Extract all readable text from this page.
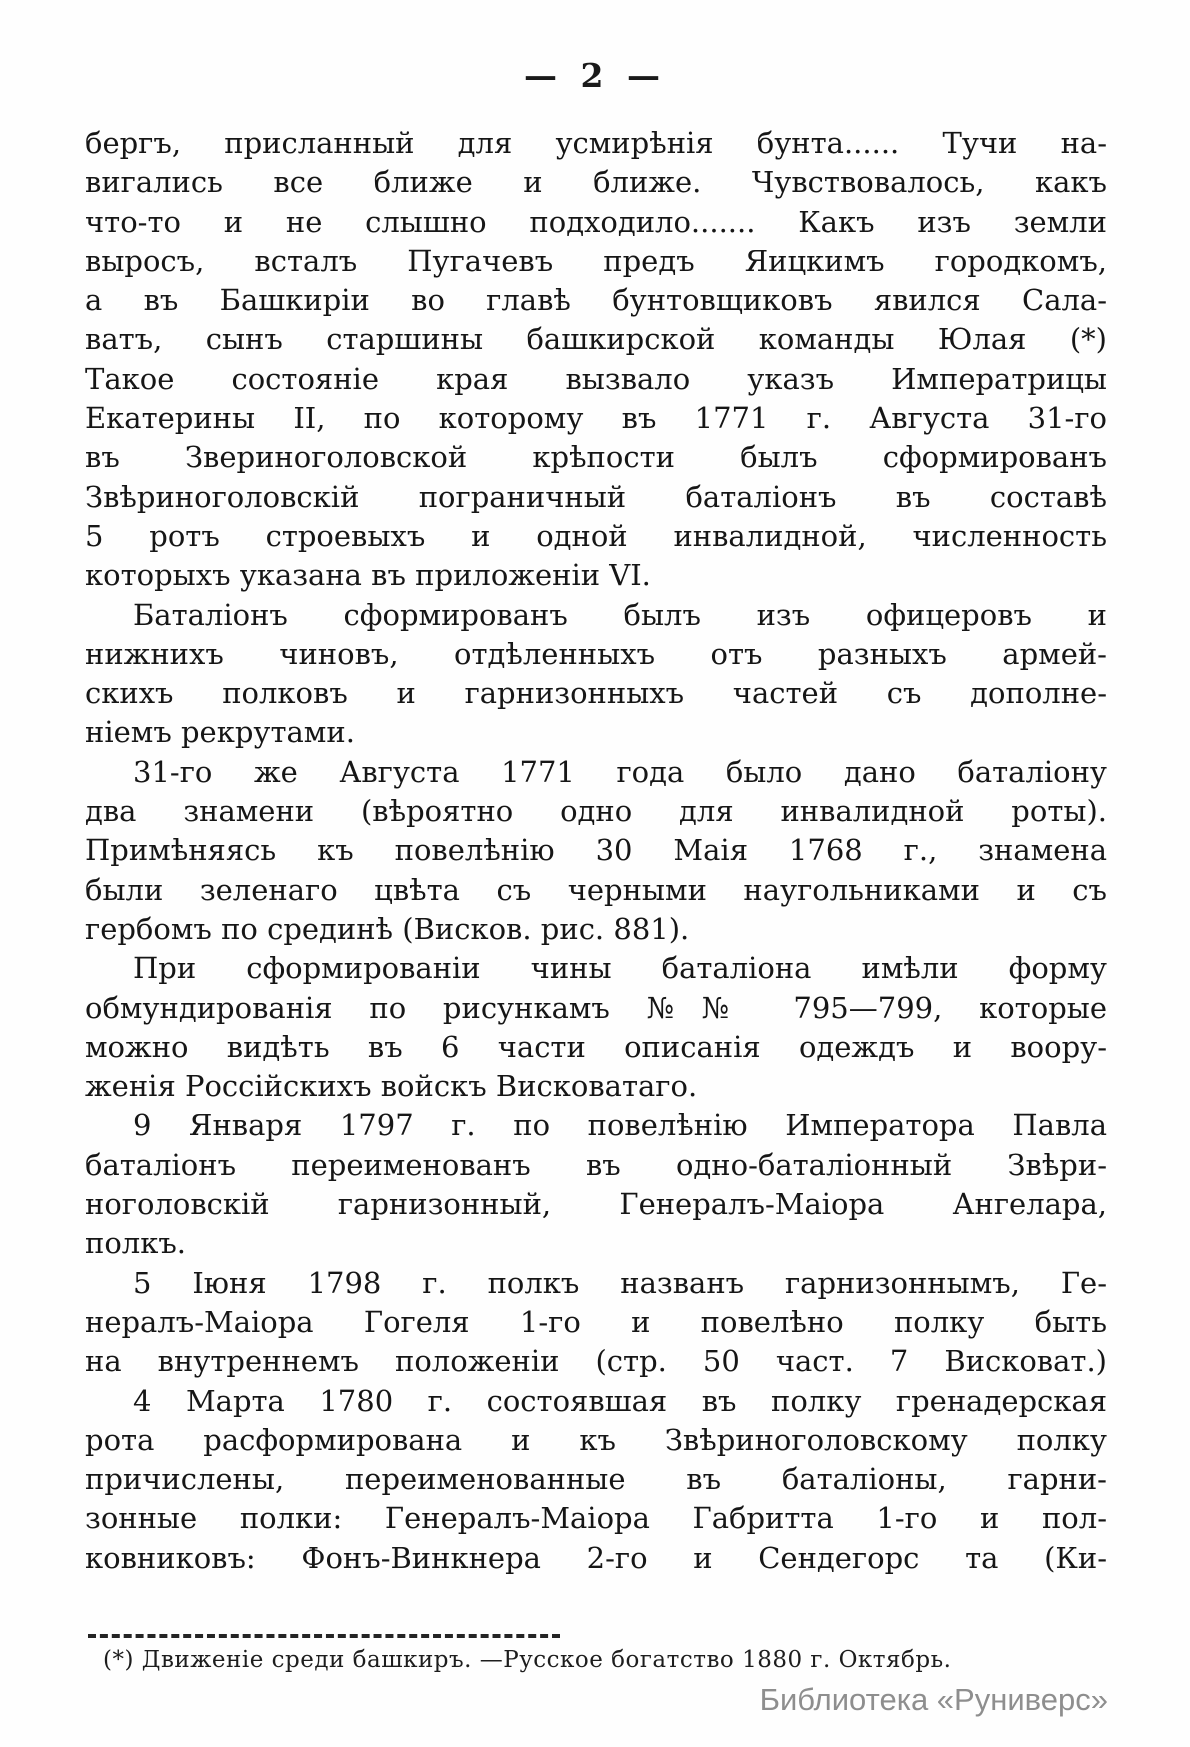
— 2 —
бергъ, присланный для усмирѣнія бунта...... Тучи на-
вигались все ближе и ближе. Чувствовалось, какъ
что-то и не слышно подходило....... Какъ изъ земли
выросъ, всталъ Пугачевъ предъ Яицкимъ городкомъ,
а въ Башкиріи во главѣ бунтовщиковъ явился Сала-
ватъ, сынъ старшины башкирской команды Юлая (*)
Такое состояніе края вызвало указъ Императрицы
Екатерины II, по которому въ 1771 г. Августа 31-го
въ Звериноголовской крѣпости былъ сформированъ
Звѣриноголовскій пограничный баталіонъ въ составѣ
5 ротъ строевыхъ и одной инвалидной, численность
которыхъ указана въ приложеніи VI.
Баталіонъ сформированъ былъ изъ офицеровъ и
нижнихъ чиновъ, отдѣленныхъ отъ разныхъ армей-
скихъ полковъ и гарнизонныхъ частей съ дополне-
ніемъ рекрутами.
31-го же Августа 1771 года было дано баталіону
два знамени (вѣроятно одно для инвалидной роты).
Примѣняясь къ повелѣнію 30 Маія 1768 г., знамена
были зеленаго цвѣта съ черными наугольниками и съ
гербомъ по срединѣ (Висков. рис. 881).
При сформированіи чины баталіона имѣли форму
обмундированія по рисункамъ №№ 795—799, которые
можно видѣть въ 6 части описанія одеждъ и воору-
женія Россійскихъ войскъ Висковатаго.
9 Января 1797 г. по повелѣнію Императора Павла
баталіонъ переименованъ въ одно-баталіонный Звѣри-
ноголовскій гарнизонный, Генералъ-Маіора Ангелара,
полкъ.
5 Іюня 1798 г. полкъ названъ гарнизоннымъ, Ге-
нералъ-Маіора Гогеля 1-го и повелѣно полку быть
на внутреннемъ положеніи (стр. 50 част. 7 Висковат.)
4 Марта 1780 г. состоявшая въ полку гренадерская
рота расформирована и къ Звѣриноголовскому полку
причислены, переименованные въ баталіоны, гарни-
зонные полки: Генералъ-Маіора Габритта 1-го и пол-
ковниковъ: Фонъ-Винкнера 2-го и Сендегорс та (Ки-
(*) Движеніе среди башкиръ. —Русское богатство 1880 г. Октябрь.
Библиотека «Руниверс»
